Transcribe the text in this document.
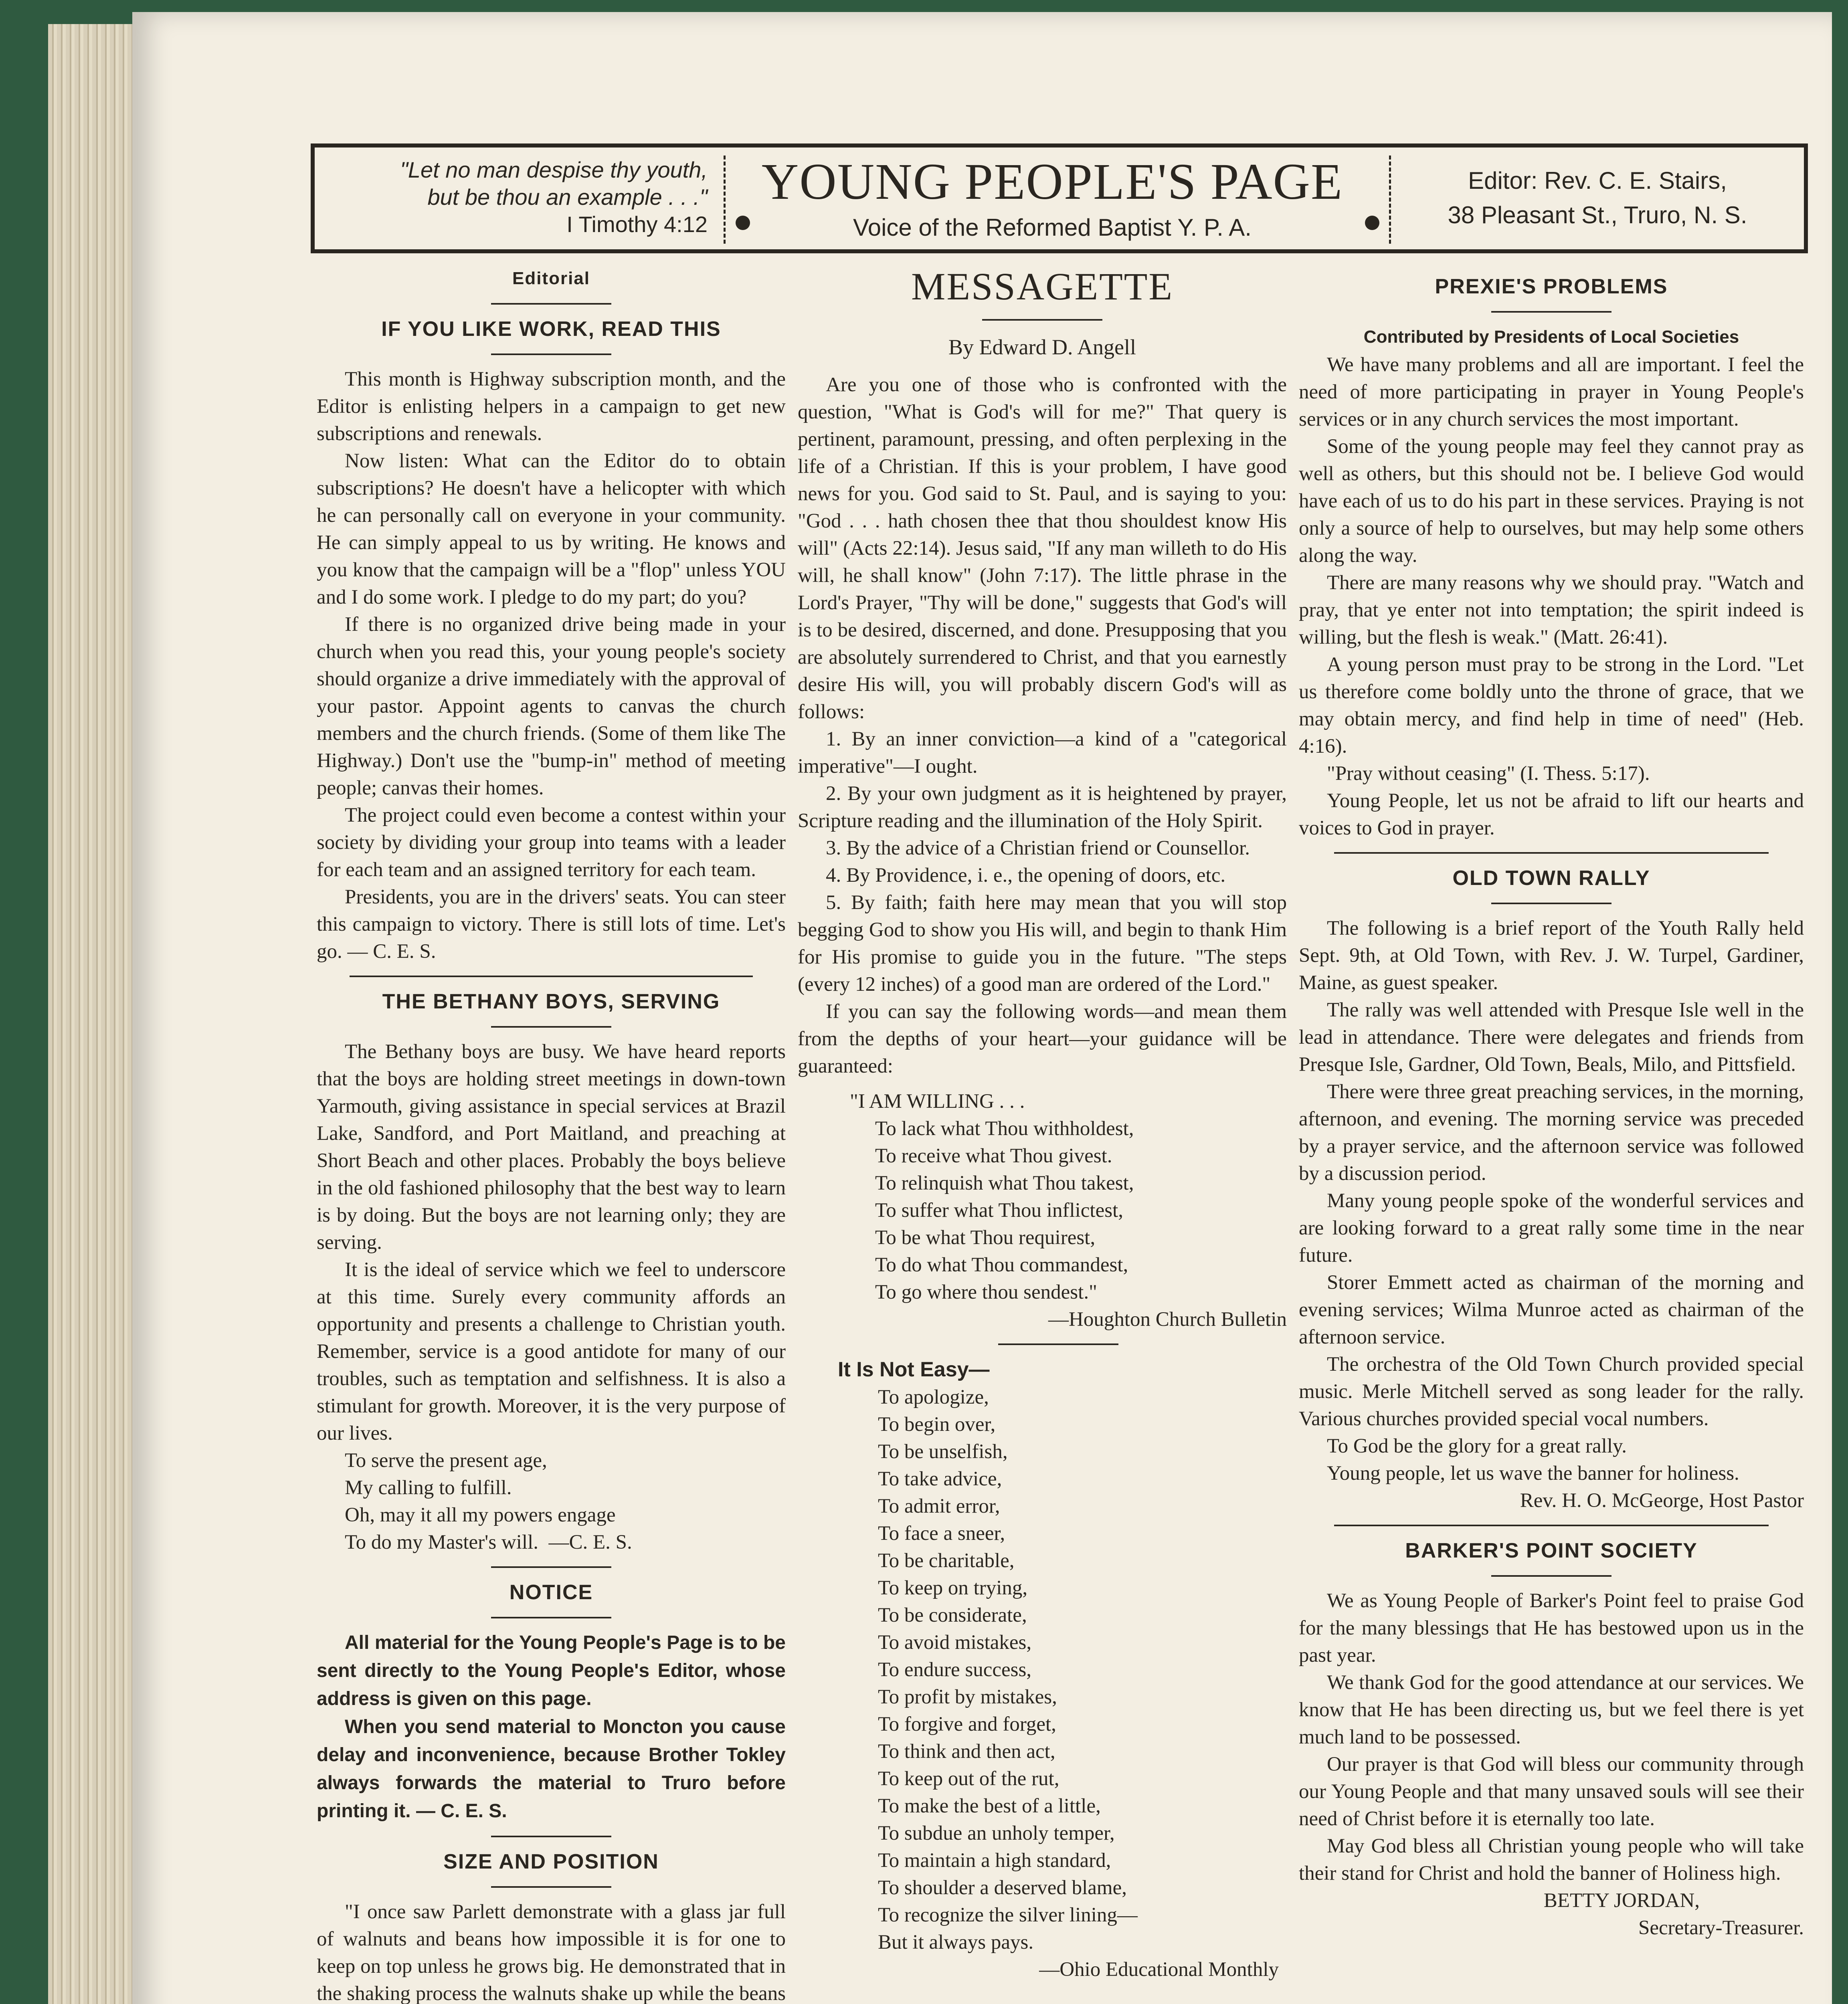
"Let no man despise thy youth,
but be thou an example . . ."
I Timothy 4:12
YOUNG PEOPLE'S PAGE
Voice of the Reformed Baptist Y. P. A.
Editor: Rev. C. E. Stairs,
38 Pleasant St., Truro, N. S.
Editorial
IF YOU LIKE WORK, READ THIS

This month is Highway subscription month, and the Editor is enlisting helpers in a campaign to get new subscriptions and renewals.

Now listen: What can the Editor do to obtain subscriptions? He doesn't have a helicopter with which he can personally call on everyone in your community. He can simply appeal to us by writing. He knows and you know that the campaign will be a "flop" unless YOU and I do some work. I pledge to do my part; do you?

If there is no organized drive being made in your church when you read this, your young people's society should organize a drive immediately with the approval of your pastor. Appoint agents to canvas the church members and the church friends. (Some of them like The Highway.) Don't use the "bump-in" method of meeting people; canvas their homes.

The project could even become a contest within your society by dividing your group into teams with a leader for each team and an assigned territory for each team.

Presidents, you are in the drivers' seats. You can steer this campaign to victory. There is still lots of time. Let's go. — C. E. S.

THE BETHANY BOYS, SERVING

The Bethany boys are busy. We have heard reports that the boys are holding street meetings in down-town Yarmouth, giving assistance in special services at Brazil Lake, Sandford, and Port Maitland, and preaching at Short Beach and other places. Probably the boys believe in the old fashioned philosophy that the best way to learn is by doing. But the boys are not learning only; they are serving.

It is the ideal of service which we feel to underscore at this time. Surely every community affords an opportunity and presents a challenge to Christian youth. Remember, service is a good antidote for many of our troubles, such as temptation and selfishness. It is also a stimulant for growth. Moreover, it is the very purpose of our lives.

To serve the present age,
My calling to fulfill.
Oh, may it all my powers engage
To do my Master's will.  —C. E. S.
NOTICE

All material for the Young People's Page is to be sent directly to the Young People's Editor, whose address is given on this page.

When you send material to Moncton you cause delay and inconvenience, because Brother Tokley always forwards the material to Truro before printing it. — C. E. S.

SIZE AND POSITION

"I once saw Parlett demonstrate with a glass jar full of walnuts and beans how impossible it is for one to keep on top unless he grows big. He demonstrated that in the shaking process the walnuts shake up while the beans

MESSAGETTE
By Edward D. Angell

Are you one of those who is confronted with the question, "What is God's will for me?" That query is pertinent, paramount, pressing, and often perplexing in the life of a Christian. If this is your problem, I have good news for you. God said to St. Paul, and is saying to you: "God . . . hath chosen thee that thou shouldest know His will" (Acts 22:14). Jesus said, "If any man willeth to do His will, he shall know" (John 7:17). The little phrase in the Lord's Prayer, "Thy will be done," suggests that God's will is to be desired, discerned, and done. Presupposing that you are absolutely surrendered to Christ, and that you earnestly desire His will, you will probably discern God's will as follows:

1. By an inner conviction—a kind of a "categorical imperative"—I ought.

2. By your own judgment as it is heightened by prayer, Scripture reading and the illumination of the Holy Spirit.

3. By the advice of a Christian friend or Counsellor.

4. By Providence, i. e., the opening of doors, etc.

5. By faith; faith here may mean that you will stop begging God to show you His will, and begin to thank Him for His promise to guide you in the future. "The steps (every 12 inches) of a good man are ordered of the Lord."

If you can say the following words—and mean them from the depths of your heart—your guidance will be guaranteed:

"I AM WILLING . . .
To lack what Thou withholdest,
To receive what Thou givest.
To relinquish what Thou takest,
To suffer what Thou inflictest,
To be what Thou requirest,
To do what Thou commandest,
To go where thou sendest."

—Houghton Church Bulletin

It Is Not Easy—
To apologize,
To begin over,
To be unselfish,
To take advice,
To admit error,
To face a sneer,
To be charitable,
To keep on trying,
To be considerate,
To avoid mistakes,
To endure success,
To profit by mistakes,
To forgive and forget,
To think and then act,
To keep out of the rut,
To make the best of a little,
To subdue an unholy temper,
To maintain a high standard,
To shoulder a deserved blame,
To recognize the silver lining—
But it always pays.

—Ohio Educational Monthly

PREXIE'S PROBLEMS
Contributed by Presidents of Local Societies

We have many problems and all are important. I feel the need of more participating in prayer in Young People's services or in any church services the most important.

Some of the young people may feel they cannot pray as well as others, but this should not be. I believe God would have each of us to do his part in these services. Praying is not only a source of help to ourselves, but may help some others along the way.

There are many reasons why we should pray. "Watch and pray, that ye enter not into temptation; the spirit indeed is willing, but the flesh is weak." (Matt. 26:41).

A young person must pray to be strong in the Lord. "Let us therefore come boldly unto the throne of grace, that we may obtain mercy, and find help in time of need" (Heb. 4:16).

"Pray without ceasing" (I. Thess. 5:17).

Young People, let us not be afraid to lift our hearts and voices to God in prayer.

OLD TOWN RALLY

The following is a brief report of the Youth Rally held Sept. 9th, at Old Town, with Rev. J. W. Turpel, Gardiner, Maine, as guest speaker.

The rally was well attended with Presque Isle well in the lead in attendance. There were delegates and friends from Presque Isle, Gardner, Old Town, Beals, Milo, and Pittsfield.

There were three great preaching services, in the morning, afternoon, and evening. The morning service was preceded by a prayer service, and the afternoon service was followed by a discussion period.

Many young people spoke of the wonderful services and are looking forward to a great rally some time in the near future.

Storer Emmett acted as chairman of the morning and evening services; Wilma Munroe acted as chairman of the afternoon service.

The orchestra of the Old Town Church provided special music. Merle Mitchell served as song leader for the rally. Various churches provided special vocal numbers.

To God be the glory for a great rally.

Young people, let us wave the banner for holiness.

Rev. H. O. McGeorge, Host Pastor

BARKER'S POINT SOCIETY

We as Young People of Barker's Point feel to praise God for the many blessings that He has bestowed upon us in the past year.

We thank God for the good attendance at our services. We know that He has been directing us, but we feel there is yet much land to be possessed.

Our prayer is that God will bless our community through our Young People and that many unsaved souls will see their need of Christ before it is eternally too late.

May God bless all Christian young people who will take their stand for Christ and hold the banner of Holiness high.

BETTY JORDAN,

Secretary-Treasurer.
